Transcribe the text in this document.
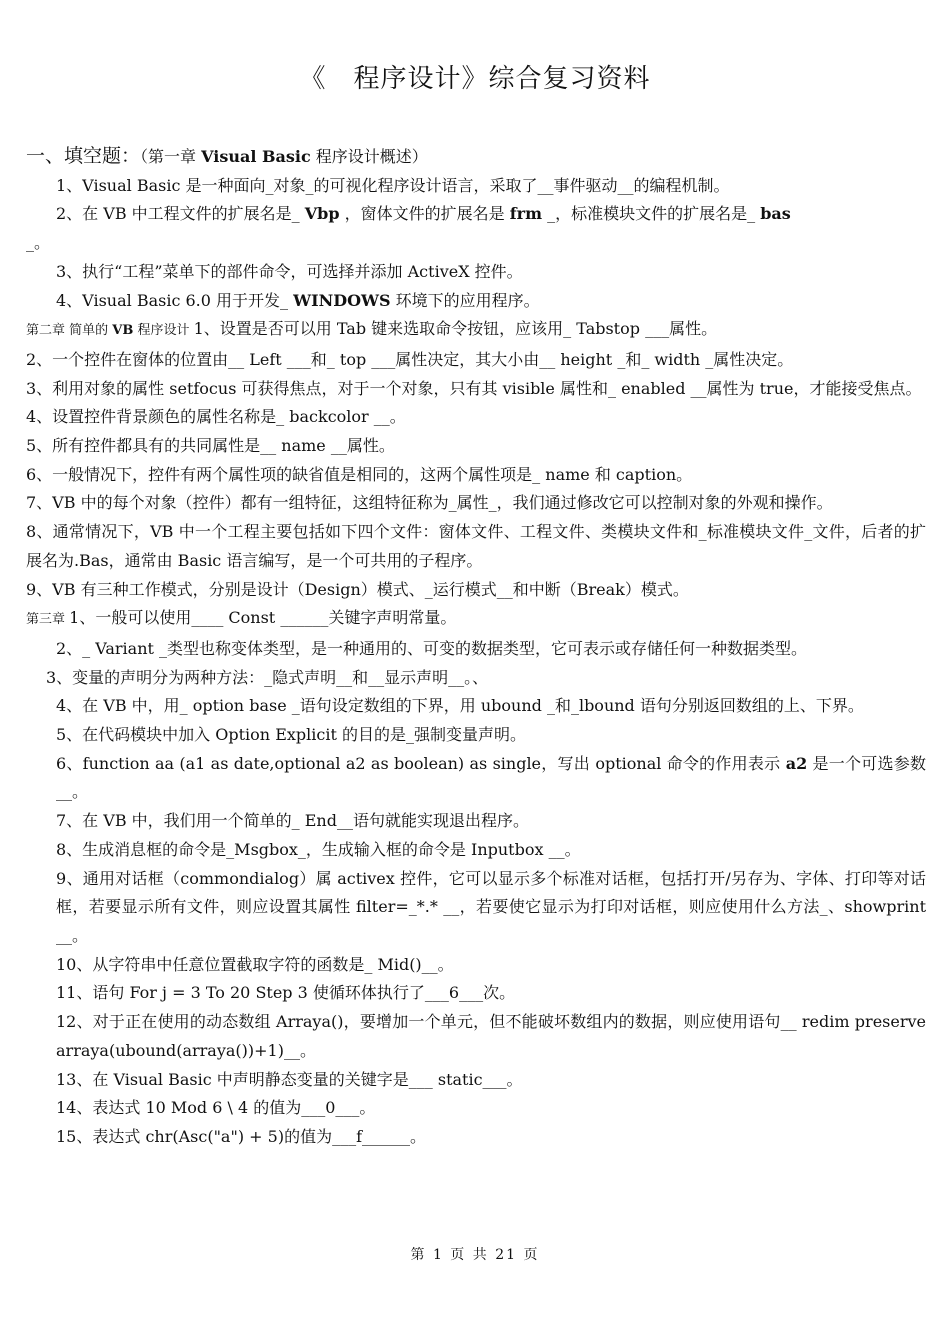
《　程序设计》综合复习资料
一、填空题：（第一章 Visual Basic 程序设计概述）
1、Visual Basic 是一种面向_对象_的可视化程序设计语言，采取了__事件驱动__的编程机制。
2、在 VB 中工程文件的扩展名是_ Vbp ，窗体文件的扩展名是 frm _，标准模块文件的扩展名是_ bas
_。
3、执行“工程”菜单下的部件命令，可选择并添加 ActiveX 控件。
4、Visual Basic 6.0 用于开发_ WINDOWS 环境下的应用程序。
第二章 简单的 VB 程序设计 1、设置是否可以用 Tab 键来选取命令按钮，应该用_ Tabstop ___属性。
2、一个控件在窗体的位置由__ Left ___和_ top ___属性决定，其大小由__ height _和_ width _属性决定。
3、利用对象的属性 setfocus 可获得焦点，对于一个对象，只有其 visible 属性和_ enabled __属性为 true，才能接受焦点。
4、设置控件背景颜色的属性名称是_ backcolor __。
5、所有控件都具有的共同属性是__ name __属性。
6、一般情况下，控件有两个属性项的缺省值是相同的，这两个属性项是_ name 和 caption。
7、VB 中的每个对象（控件）都有一组特征，这组特征称为_属性_，我们通过修改它可以控制对象的外观和操作。
8、通常情况下，VB 中一个工程主要包括如下四个文件：窗体文件、工程文件、类模块文件和_标准模块文件_文件，后者的扩展名为.Bas，通常由 Basic 语言编写，是一个可共用的子程序。
9、VB 有三种工作模式，分别是设计（Design）模式、_运行模式__和中断（Break）模式。
第三章 1、一般可以使用____ Const ______关键字声明常量。
2、_ Variant _类型也称变体类型，是一种通用的、可变的数据类型，它可表示或存储任何一种数据类型。
3、变量的声明分为两种方法：_隐式声明__和__显示声明__。、
4、在 VB 中，用_ option base _语句设定数组的下界，用 ubound _和_lbound 语句分别返回数组的上、下界。
5、在代码模块中加入 Option Explicit 的目的是_强制变量声明。
6、function aa (a1 as date,optional a2 as boolean) as single，写出 optional 命令的作用表示 a2 是一个可选参数__。
7、在 VB 中，我们用一个简单的_ End__语句就能实现退出程序。
8、生成消息框的命令是_Msgbox_，生成输入框的命令是 Inputbox __。
9、通用对话框（commondialog）属 activex 控件，它可以显示多个标准对话框，包括打开/另存为、字体、打印等对话框，若要显示所有文件，则应设置其属性 filter=_*.* __，若要使它显示为打印对话框，则应使用什么方法_、showprint __。
10、从字符串中任意位置截取字符的函数是_ Mid()__。
11、语句 For j = 3 To 20 Step 3 使循环体执行了___6___次。
12、对于正在使用的动态数组 Arraya()，要增加一个单元，但不能破坏数组内的数据，则应使用语句__ redim preserve arraya(ubound(arraya())+1)__。
13、在 Visual Basic 中声明静态变量的关键字是___ static___。
14、表达式 10 Mod 6 \ 4 的值为___0___。
15、表达式 chr(Asc("a") + 5)的值为___f______。
第 1 页 共 21 页
